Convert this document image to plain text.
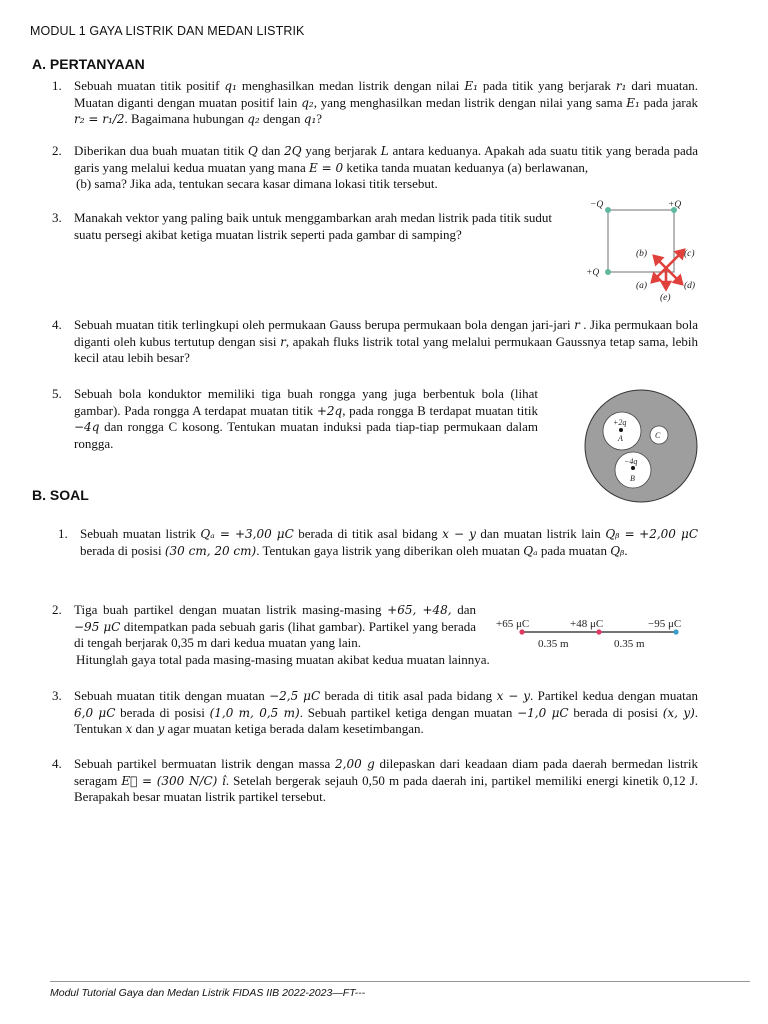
MODUL 1 GAYA LISTRIK DAN MEDAN LISTRIK
A. PERTANYAAN
1. Sebuah muatan titik positif q₁ menghasilkan medan listrik dengan nilai E₁ pada titik yang berjarak r₁ dari muatan. Muatan diganti dengan muatan positif lain q₂, yang menghasilkan medan listrik dengan nilai yang sama E₁ pada jarak r₂ = r₁/2. Bagaimana hubungan q₂ dengan q₁?
2. Diberikan dua buah muatan titik Q dan 2Q yang berjarak L antara keduanya. Apakah ada suatu titik yang berada pada garis yang melalui kedua muatan yang mana E = 0 ketika tanda muatan keduanya (a) berlawanan,
(b) sama? Jika ada, tentukan secara kasar dimana lokasi titik tersebut.
3. Manakah vektor yang paling baik untuk menggambarkan arah medan listrik pada titik sudut suatu persegi akibat ketiga muatan listrik seperti pada gambar di samping?
−Q	+Q
+Q
(b)	(c)
(a)	(d)
(e)
4. Sebuah muatan titik terlingkupi oleh permukaan Gauss berupa permukaan bola dengan jari-jari r . Jika permukaan bola diganti oleh kubus tertutup dengan sisi r, apakah fluks listrik total yang melalui permukaan Gaussnya tetap sama, lebih kecil atau lebih besar?
5. Sebuah bola konduktor memiliki tiga buah rongga yang juga berbentuk bola (lihat gambar). Pada rongga A terdapat muatan titik +2q, pada rongga B terdapat muatan titik −4q dan rongga C kosong. Tentukan muatan induksi pada tiap-tiap permukaan dalam rongga.
+2q
A	C
−4q
B
B. SOAL
1. Sebuah muatan listrik Qₐ = +3,00 μC berada di titik asal bidang x − y dan muatan listrik lain Qᵦ = +2,00 μC berada di posisi (30 cm, 20 cm). Tentukan gaya listrik yang diberikan oleh muatan Qₐ pada muatan Qᵦ.
2. Tiga buah partikel dengan muatan listrik masing-masing +65, +48, dan −95 μC ditempatkan pada sebuah garis (lihat gambar). Partikel yang berada di tengah berjarak 0,35 m dari kedua muatan yang lain.
Hitunglah gaya total pada masing-masing muatan akibat kedua muatan lainnya.
+65 μC	+48 μC	−95 μC
0.35 m	0.35 m
3. Sebuah muatan titik dengan muatan −2,5 μC berada di titik asal pada bidang x − y. Partikel kedua dengan muatan 6,0 μC berada di posisi (1,0 m, 0,5 m). Sebuah partikel ketiga dengan muatan −1,0 μC berada di posisi (x, y). Tentukan x dan y agar muatan ketiga berada dalam kesetimbangan.
4. Sebuah partikel bermuatan listrik dengan massa 2,00 g dilepaskan dari keadaan diam pada daerah bermedan listrik seragam E⃗ = (300 N/C) î. Setelah bergerak sejauh 0,50 m pada daerah ini, partikel memiliki energi kinetik 0,12 J. Berapakah besar muatan listrik partikel tersebut.
Modul Tutorial Gaya dan Medan Listrik FIDAS IIB 2022-2023—FT---
